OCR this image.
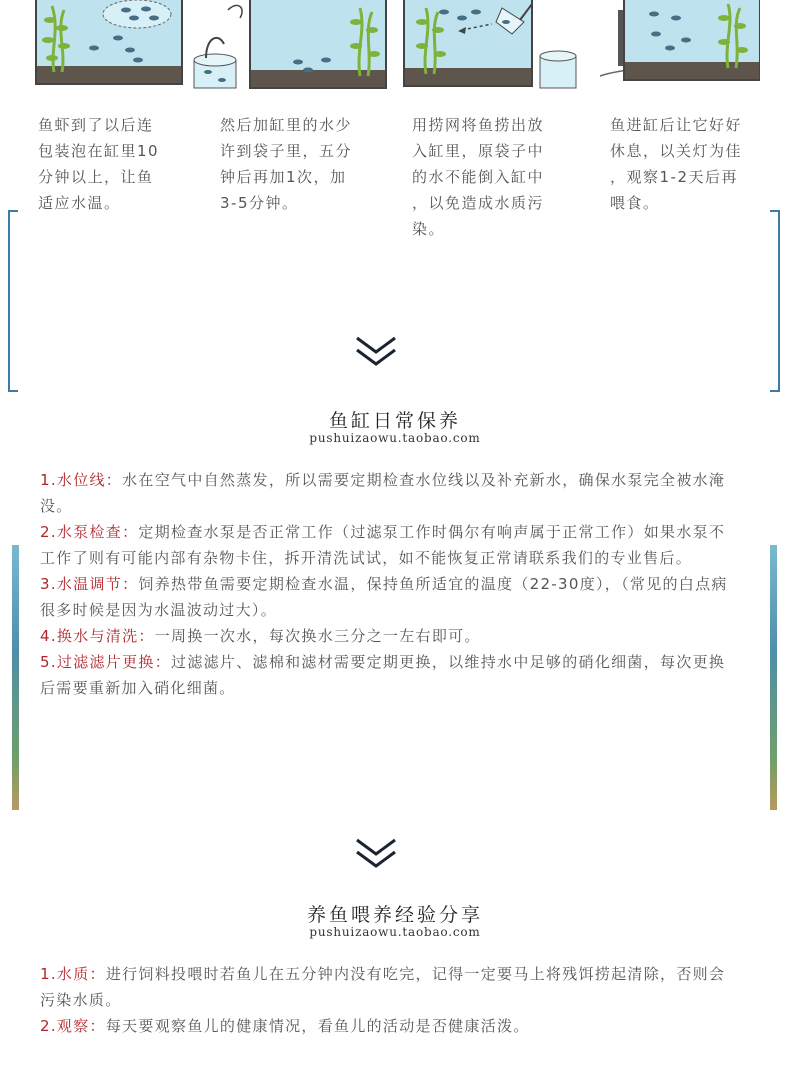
鱼虾到了以后连
包装泡在缸里10
分钟以上，让鱼
适应水温。
然后加缸里的水少
许到袋子里，五分
钟后再加1次，加
3-5分钟。
用捞网将鱼捞出放
入缸里，原袋子中
的水不能倒入缸中
，以免造成水质污
染。
鱼进缸后让它好好
休息，以关灯为佳
，观察1-2天后再
喂食。
鱼缸日常保养
pushuizaowu.taobao.com

1.水位线：水在空气中自然蒸发，所以需要定期检查水位线以及补充新水，确保水泵完全被水淹没。

2.水泵检查：定期检查水泵是否正常工作（过滤泵工作时偶尔有响声属于正常工作）如果水泵不工作了则有可能内部有杂物卡住，拆开清洗试试，如不能恢复正常请联系我们的专业售后。

3.水温调节：饲养热带鱼需要定期检查水温，保持鱼所适宜的温度（22-30度），（常见的白点病很多时候是因为水温波动过大）。

4.换水与清洗：一周换一次水，每次换水三分之一左右即可。

5.过滤滤片更换：过滤滤片、滤棉和滤材需要定期更换，以维持水中足够的硝化细菌，每次更换后需要重新加入硝化细菌。

养鱼喂养经验分享
pushuizaowu.taobao.com

1.水质：进行饲料投喂时若鱼儿在五分钟内没有吃完，记得一定要马上将残饵捞起清除，否则会污染水质。

2.观察：每天要观察鱼儿的健康情况，看鱼儿的活动是否健康活泼。
